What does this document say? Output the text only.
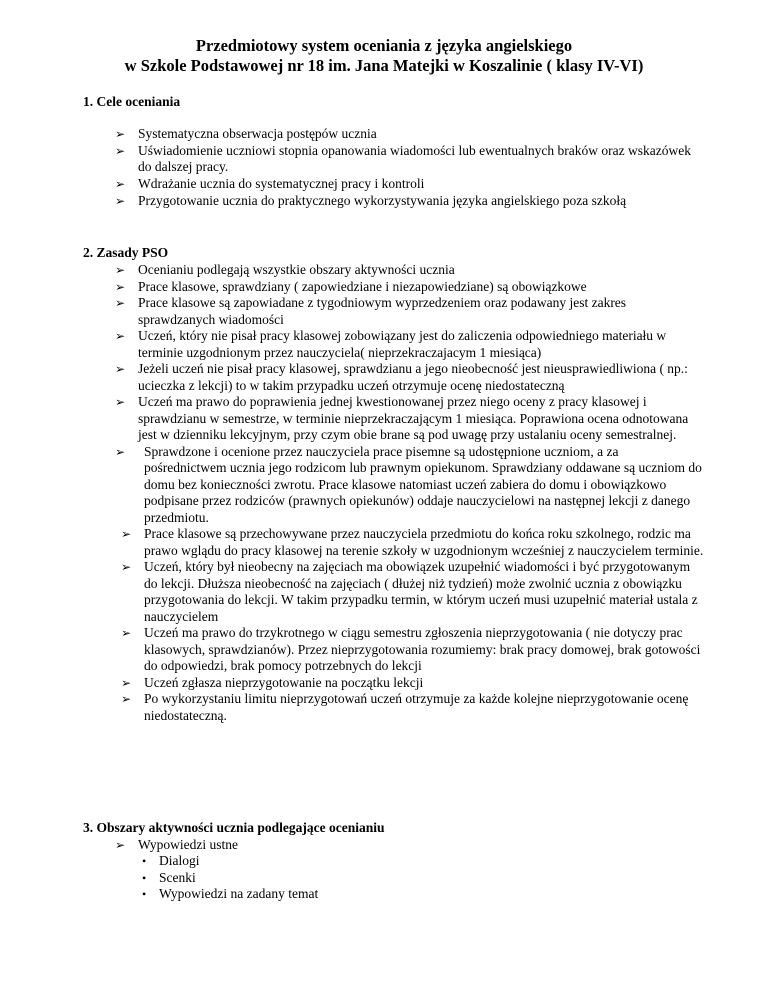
Przedmiotowy system oceniania z języka angielskiego
w Szkole Podstawowej nr 18 im. Jana Matejki w Koszalinie ( klasy IV-VI)
1. Cele oceniania
➢ Systematyczna obserwacja postępów ucznia
➢ Uświadomienie uczniowi stopnia opanowania wiadomości lub ewentualnych braków oraz wskazówek do dalszej pracy.
➢ Wdrażanie ucznia do systematycznej pracy i kontroli
➢ Przygotowanie ucznia do praktycznego wykorzystywania języka angielskiego poza szkołą
2. Zasady PSO
➢ Ocenianiu podlegają wszystkie obszary aktywności ucznia
➢ Prace klasowe, sprawdziany ( zapowiedziane i niezapowiedziane) są obowiązkowe
➢ Prace klasowe są zapowiadane z tygodniowym wyprzedzeniem oraz podawany jest zakres sprawdzanych wiadomości
➢ Uczeń, który nie pisał pracy klasowej zobowiązany jest do zaliczenia odpowiedniego materiału w terminie uzgodnionym przez nauczyciela( nieprzekraczajacym 1 miesiąca)
➢ Jeżeli uczeń nie pisał pracy klasowej, sprawdzianu a jego nieobecność jest nieusprawiedliwiona ( np.: ucieczka z lekcji) to w takim przypadku uczeń otrzymuje ocenę niedostateczną
➢ Uczeń ma prawo do poprawienia jednej kwestionowanej przez niego oceny z pracy klasowej i sprawdzianu w semestrze, w terminie nieprzekraczającym 1 miesiąca. Poprawiona ocena odnotowana jest w dzienniku lekcyjnym, przy czym obie brane są pod uwagę przy ustalaniu oceny semestralnej.
➢ Sprawdzone i ocenione przez nauczyciela prace pisemne są udostępnione uczniom, a za pośrednictwem ucznia jego rodzicom lub prawnym opiekunom. Sprawdziany oddawane są uczniom do domu bez konieczności zwrotu. Prace klasowe natomiast uczeń zabiera do domu i obowiązkowo podpisane przez rodziców (prawnych opiekunów) oddaje nauczycielowi na następnej lekcji z danego przedmiotu.
➢ Prace klasowe są przechowywane przez nauczyciela przedmiotu do końca roku szkolnego, rodzic ma prawo wglądu do pracy klasowej na terenie szkoły w uzgodnionym wcześniej z nauczycielem terminie.
➢ Uczeń, który był nieobecny na zajęciach ma obowiązek uzupełnić wiadomości i być przygotowanym do lekcji. Dłuższa nieobecność na zajęciach ( dłużej niż tydzień) może zwolnić ucznia z obowiązku przygotowania do lekcji. W takim przypadku termin, w którym uczeń musi uzupełnić materiał ustala z nauczycielem
➢ Uczeń ma prawo do trzykrotnego w ciągu semestru zgłoszenia nieprzygotowania ( nie dotyczy prac klasowych, sprawdzianów). Przez nieprzygotowania rozumiemy: brak pracy domowej, brak gotowości do odpowiedzi, brak pomocy potrzebnych do lekcji
➢ Uczeń zgłasza nieprzygotowanie na początku lekcji
➢ Po wykorzystaniu limitu nieprzygotowań uczeń otrzymuje za każde kolejne nieprzygotowanie ocenę niedostateczną.
3. Obszary aktywności ucznia podlegające ocenianiu
➢ Wypowiedzi ustne
• Dialogi
• Scenki
• Wypowiedzi na zadany temat
